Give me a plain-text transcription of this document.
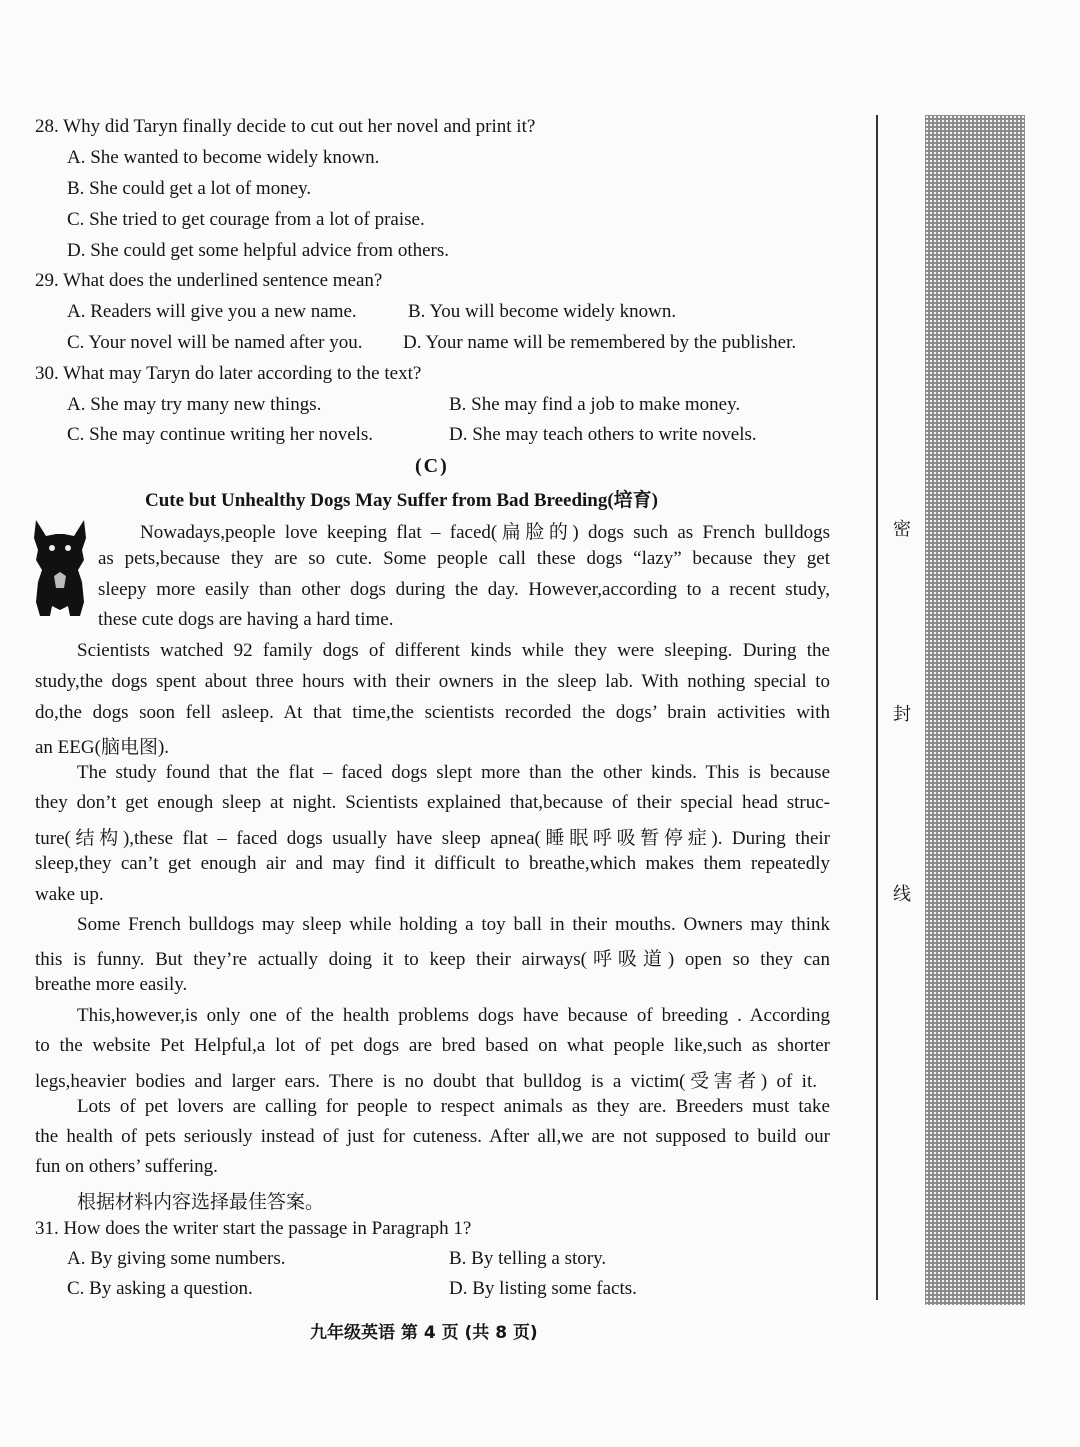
28. Why did Taryn finally decide to cut out her novel and print it?
A. She wanted to become widely known.
B. She could get a lot of money.
C. She tried to get courage from a lot of praise.
D. She could get some helpful advice from others.
29. What does the underlined sentence mean?
A. Readers will give you a new name.	B. You will become widely known.
C. Your novel will be named after you. D. Your name will be remembered by the publisher.
30. What may Taryn do later according to the text?
A. She may try many new things.	B. She may find a job to make money.
C. She may continue writing her novels.	D. She may teach others to write novels.
(C)
Cute but Unhealthy Dogs May Suffer from Bad Breeding(培育)
Nowadays,people love keeping flat – faced(扁脸的) dogs such as French bulldogs
as pets,because they are so cute. Some people call these dogs “lazy” because they get
sleepy more easily than other dogs during the day. However,according to a recent study,
these cute dogs are having a hard time.
Scientists watched 92 family dogs of different kinds while they were sleeping. During the
study,the dogs spent about three hours with their owners in the sleep lab. With nothing special to
do,the dogs soon fell asleep. At that time,the scientists recorded the dogs’ brain activities with
an EEG(脑电图).
The study found that the flat – faced dogs slept more than the other kinds. This is because
they don’t get enough sleep at night. Scientists explained that,because of their special head struc-
ture(结构),these flat – faced dogs usually have sleep apnea(睡眠呼吸暂停症). During their
sleep,they can’t get enough air and may find it difficult to breathe,which makes them repeatedly
wake up.
Some French bulldogs may sleep while holding a toy ball in their mouths. Owners may think
this is funny. But they’re actually doing it to keep their airways(呼吸道) open so they can
breathe more easily.
This,however,is only one of the health problems dogs have because of breeding . According
to the website Pet Helpful,a lot of pet dogs are bred based on what people like,such as shorter
legs,heavier bodies and larger ears. There is no doubt that bulldog is a victim(受害者) of it.
Lots of pet lovers are calling for people to respect animals as they are. Breeders must take
the health of pets seriously instead of just for cuteness. After all,we are not supposed to build our
fun on others’ suffering.
根据材料内容选择最佳答案。
31. How does the writer start the passage in Paragraph 1?
A. By giving some numbers.	B. By telling a story.
C. By asking a question.	D. By listing some facts.
九年级英语 第 4 页 (共 8 页)
密
封
线
